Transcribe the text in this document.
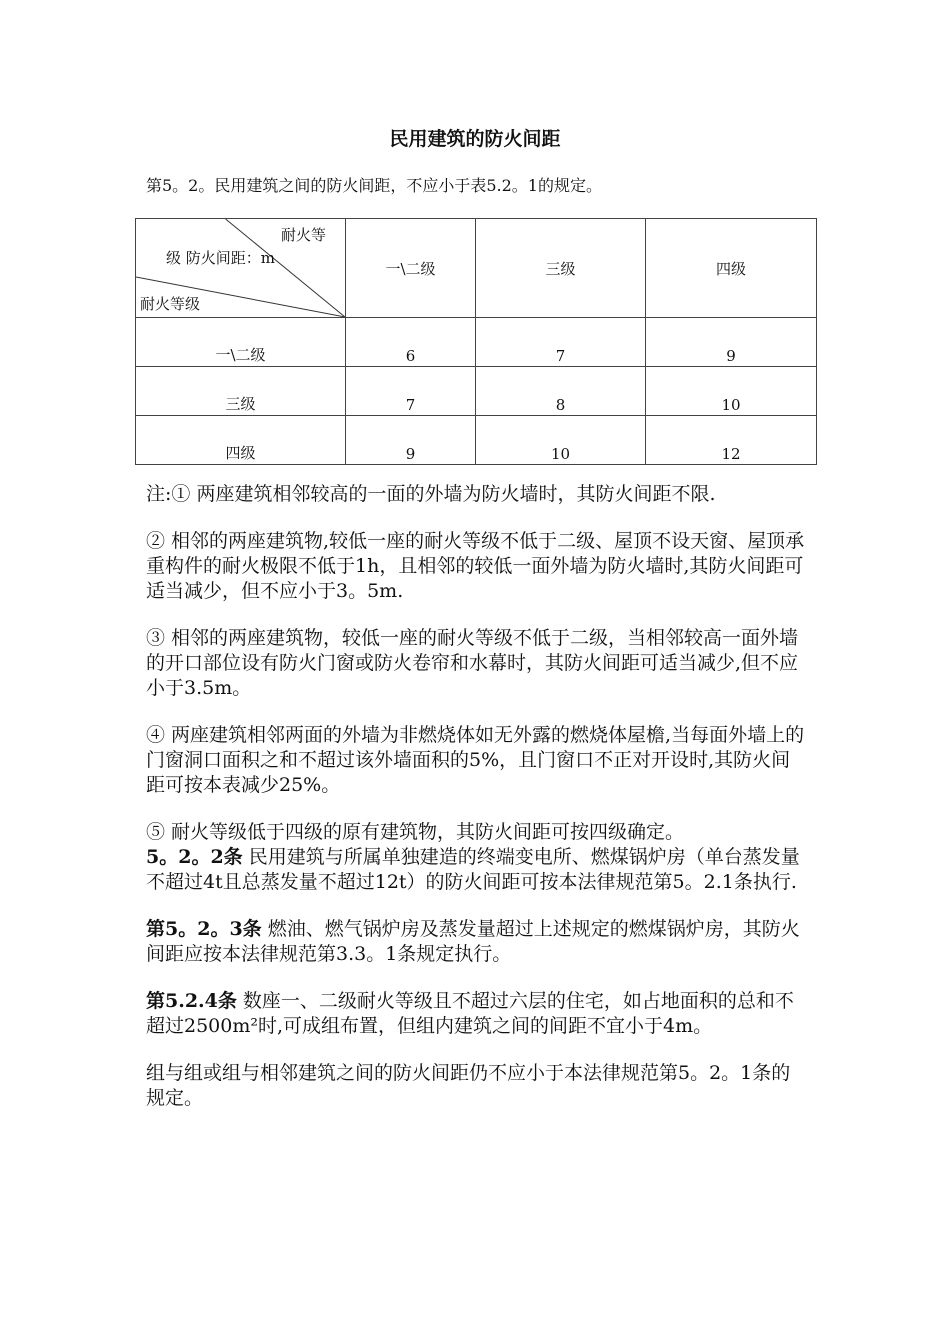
民用建筑的防火间距
第5。2。民用建筑之间的防火间距，不应小于表5.2。1的规定。
耐火等
级 防火间距：m
耐火等级	一\二级	三级	四级
一\二级	6	7	9
三级	7	8	10
四级	9	10	12

注:① 两座建筑相邻较高的一面的外墙为防火墙时，其防火间距不限.

② 相邻的两座建筑物,较低一座的耐火等级不低于二级、屋顶不设天窗、屋顶承重构件的耐火极限不低于1h，且相邻的较低一面外墙为防火墙时,其防火间距可适当减少，但不应小于3。5m.

③ 相邻的两座建筑物，较低一座的耐火等级不低于二级，当相邻较高一面外墙的开口部位设有防火门窗或防火卷帘和水幕时，其防火间距可适当减少,但不应小于3.5m。

④ 两座建筑相邻两面的外墙为非燃烧体如无外露的燃烧体屋檐,当每面外墙上的门窗洞口面积之和不超过该外墙面积的5%，且门窗口不正对开设时,其防火间距可按本表减少25%。

⑤ 耐火等级低于四级的原有建筑物，其防火间距可按四级确定。

5。2。2条 民用建筑与所属单独建造的终端变电所、燃煤锅炉房（单台蒸发量不超过4t且总蒸发量不超过12t）的防火间距可按本法律规范第5。2.1条执行.

第5。2。3条 燃油、燃气锅炉房及蒸发量超过上述规定的燃煤锅炉房，其防火间距应按本法律规范第3.3。1条规定执行。

第5.2.4条 数座一、二级耐火等级且不超过六层的住宅，如占地面积的总和不超过2500m²时,可成组布置，但组内建筑之间的间距不宜小于4m。

组与组或组与相邻建筑之间的防火间距仍不应小于本法律规范第5。2。1条的规定。
